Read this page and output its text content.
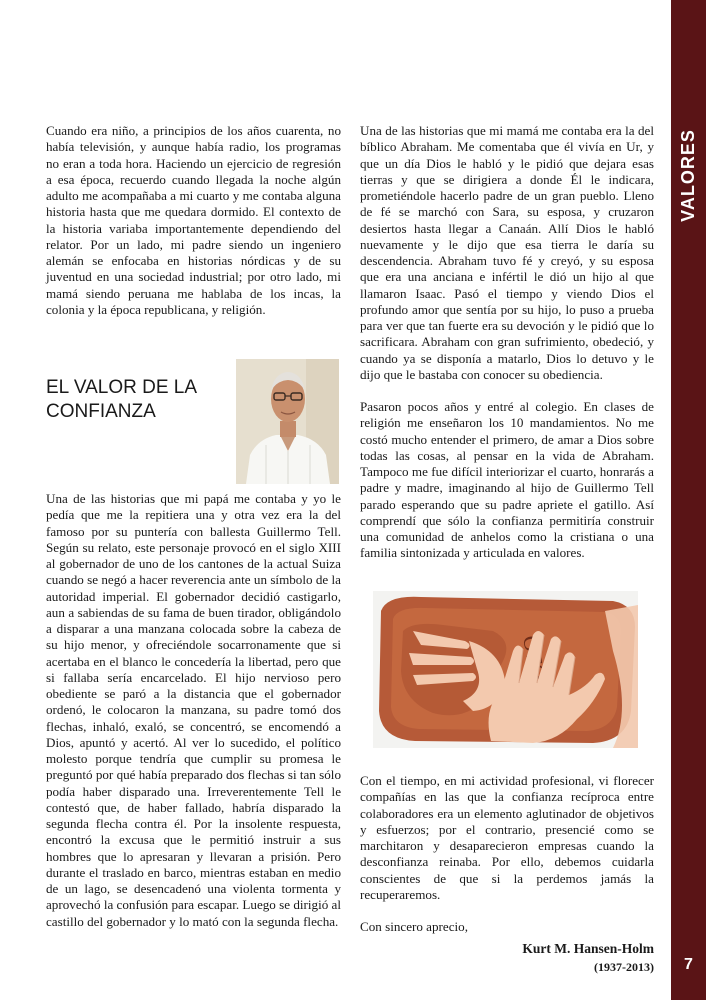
VALORES
7

Cuando era niño, a principios de los años cuarenta, no había televisión, y aunque había radio, los programas no eran a toda hora. Haciendo un ejercicio de regresión a esa época, recuerdo cuando llegada la noche algún adulto me acompañaba a mi cuarto y me contaba alguna historia hasta que me quedara dormido. El contexto de la historia variaba importantemente dependiendo del relator. Por un lado, mi padre siendo un ingeniero alemán se enfocaba en historias nórdicas y de su juventud en una sociedad industrial; por otro lado, mi mamá siendo peruana me hablaba de los incas, la colonia y la época republicana, y religión.

EL VALOR DE LA CONFIANZA

Una de las historias que mi papá me contaba y yo le pedía que me la repitiera una y otra vez era la del famoso por su puntería con ballesta Guillermo Tell. Según su relato, este personaje provocó en el siglo XIII al gobernador de uno de los cantones de la actual Suiza cuando se negó a hacer reverencia ante un símbolo de la autoridad imperial. El gobernador decidió castigarlo, aun a sabiendas de su fama de buen tirador, obligándolo a disparar a una manzana colocada sobre la cabeza de su hijo menor, y ofreciéndole socarronamente que si acertaba en el blanco le concedería la libertad, pero que si fallaba sería encarcelado. El hijo nervioso pero obediente se paró a la distancia que el gobernador ordenó, le colocaron la manzana, su padre tomó dos flechas, inhaló, exaló, se concentró, se encomendó a Dios, apuntó y acertó. Al ver lo sucedido, el político molesto porque tendría que cumplir su promesa le preguntó por qué había preparado dos flechas si tan sólo podía haber disparado una. Irreverentemente Tell le contestó que, de haber fallado, habría disparado la segunda flecha contra él. Por la insolente respuesta, encontró la excusa que le permitió instruir a sus hombres que lo apresaran y llevaran a prisión. Pero durante el traslado en barco, mientras estaban en medio de un lago, se desencadenó una violenta tormenta y aprovechó la confusión para escapar. Luego se dirigió al castillo del gobernador y lo mató con la segunda flecha.

Una de las historias que mi mamá me contaba era la del bíblico Abraham. Me comentaba que él vivía en Ur, y que un día Dios le habló y le pidió que dejara esas tierras y que se dirigiera a donde Él le indicara, prometiéndole hacerlo padre de un gran pueblo. Lleno de fé se marchó con Sara, su esposa, y cruzaron desiertos hasta llegar a Canaán. Allí Dios le habló nuevamente y le dijo que esa tierra le daría su descendencia. Abraham tuvo fé y creyó, y su esposa que era una anciana e infértil le dió un hijo al que llamaron Isaac. Pasó el tiempo y viendo Dios el profundo amor que sentía por su hijo, lo puso a prueba para ver que tan fuerte era su devoción y le pidió que lo sacrificara. Abraham con gran sufrimiento, obedeció, y cuando ya se disponía a matarlo, Dios lo detuvo y le dijo que le bastaba con conocer su obediencia.

Pasaron pocos años y entré al colegio. En clases de religión me enseñaron los 10 mandamientos. No me costó mucho entender el primero, de amar a Dios sobre todas las cosas, al pensar en la vida de Abraham. Tampoco me fue difícil interiorizar el cuarto, honrarás a padre y madre, imaginando al hijo de Guillermo Tell parado esperando que su padre apriete el gatillo. Así comprendí que sólo la confianza permitiría construir una comunidad de anhelos como la cristiana o una familia sintonizada y articulada en valores.

Con el tiempo, en mi actividad profesional, vi florecer compañías en las que la confianza recíproca entre colaboradores era un elemento aglutinador de objetivos y esfuerzos; por el contrario, presencié como se marchitaron y desaparecieron empresas cuando la desconfianza reinaba. Por ello, debemos cuidarla conscientes de que si la perdemos jamás la recuperaremos.

Con sincero aprecio,

Kurt M. Hansen-Holm
(1937-2013)
